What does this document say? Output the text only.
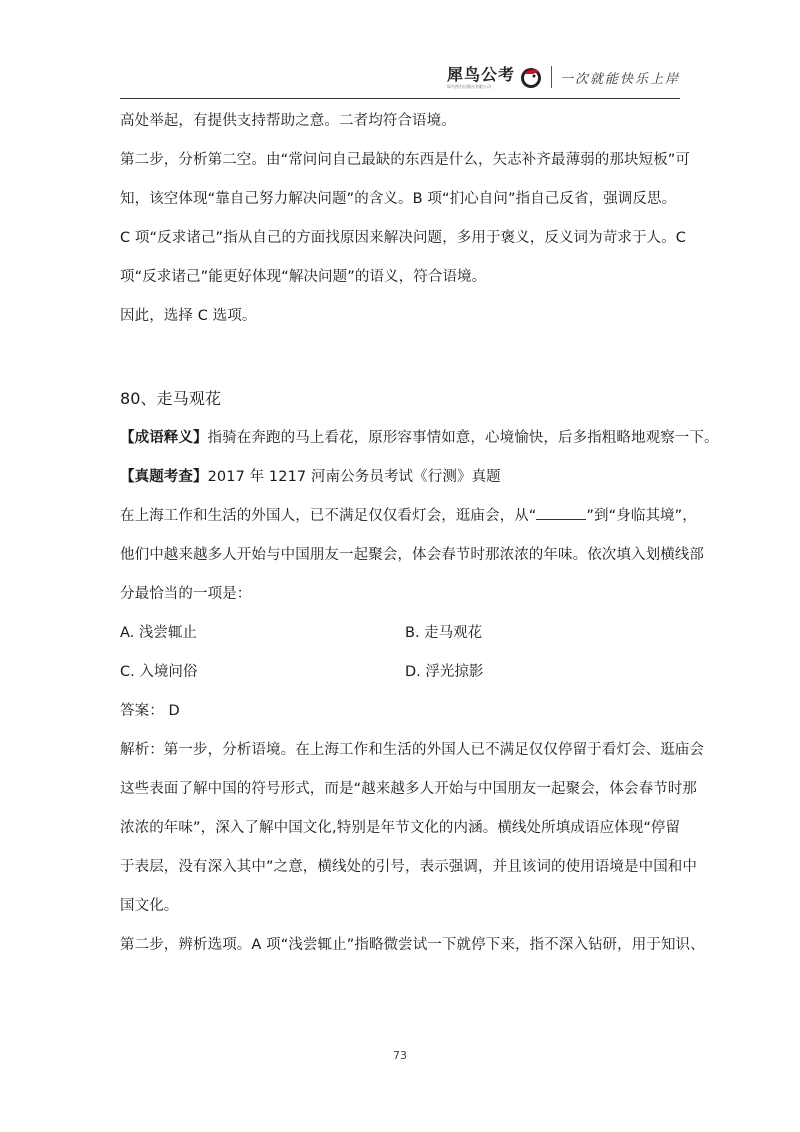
犀鸟公考
犀鸟图书出版社有限公司	一次就能快乐上岸

高处举起，有提供支持帮助之意。二者均符合语境。

第二步，分析第二空。由“常问问自己最缺的东西是什么，矢志补齐最薄弱的那块短板”可

知，该空体现“靠自己努力解决问题”的含义。B 项“扪心自问”指自己反省，强调反思。

C 项“反求诸己”指从自己的方面找原因来解决问题，多用于褒义，反义词为苛求于人。C

项“反求诸己”能更好体现“解决问题”的语义，符合语境。

因此，选择 C 选项。

80、走马观花

【成语释义】指骑在奔跑的马上看花，原形容事情如意，心境愉快，后多指粗略地观察一下。

【真题考查】2017 年 1217 河南公务员考试《行测》真题

在上海工作和生活的外国人，已不满足仅仅看灯会，逛庙会，从“	”到“身临其境”，

他们中越来越多人开始与中国朋友一起聚会，体会春节时那浓浓的年味。依次填入划横线部

分最恰当的一项是：

A. 浅尝辄止	B. 走马观花
C. 入境问俗	D. 浮光掠影

答案： D

解析：第一步，分析语境。在上海工作和生活的外国人已不满足仅仅停留于看灯会、逛庙会

这些表面了解中国的符号形式，而是“越来越多人开始与中国朋友一起聚会，体会春节时那

浓浓的年味”，深入了解中国文化,特别是年节文化的内涵。横线处所填成语应体现“停留

于表层，没有深入其中”之意，横线处的引号，表示强调，并且该词的使用语境是中国和中

国文化。

第二步，辨析选项。A 项“浅尝辄止”指略微尝试一下就停下来，指不深入钻研，用于知识、

73
